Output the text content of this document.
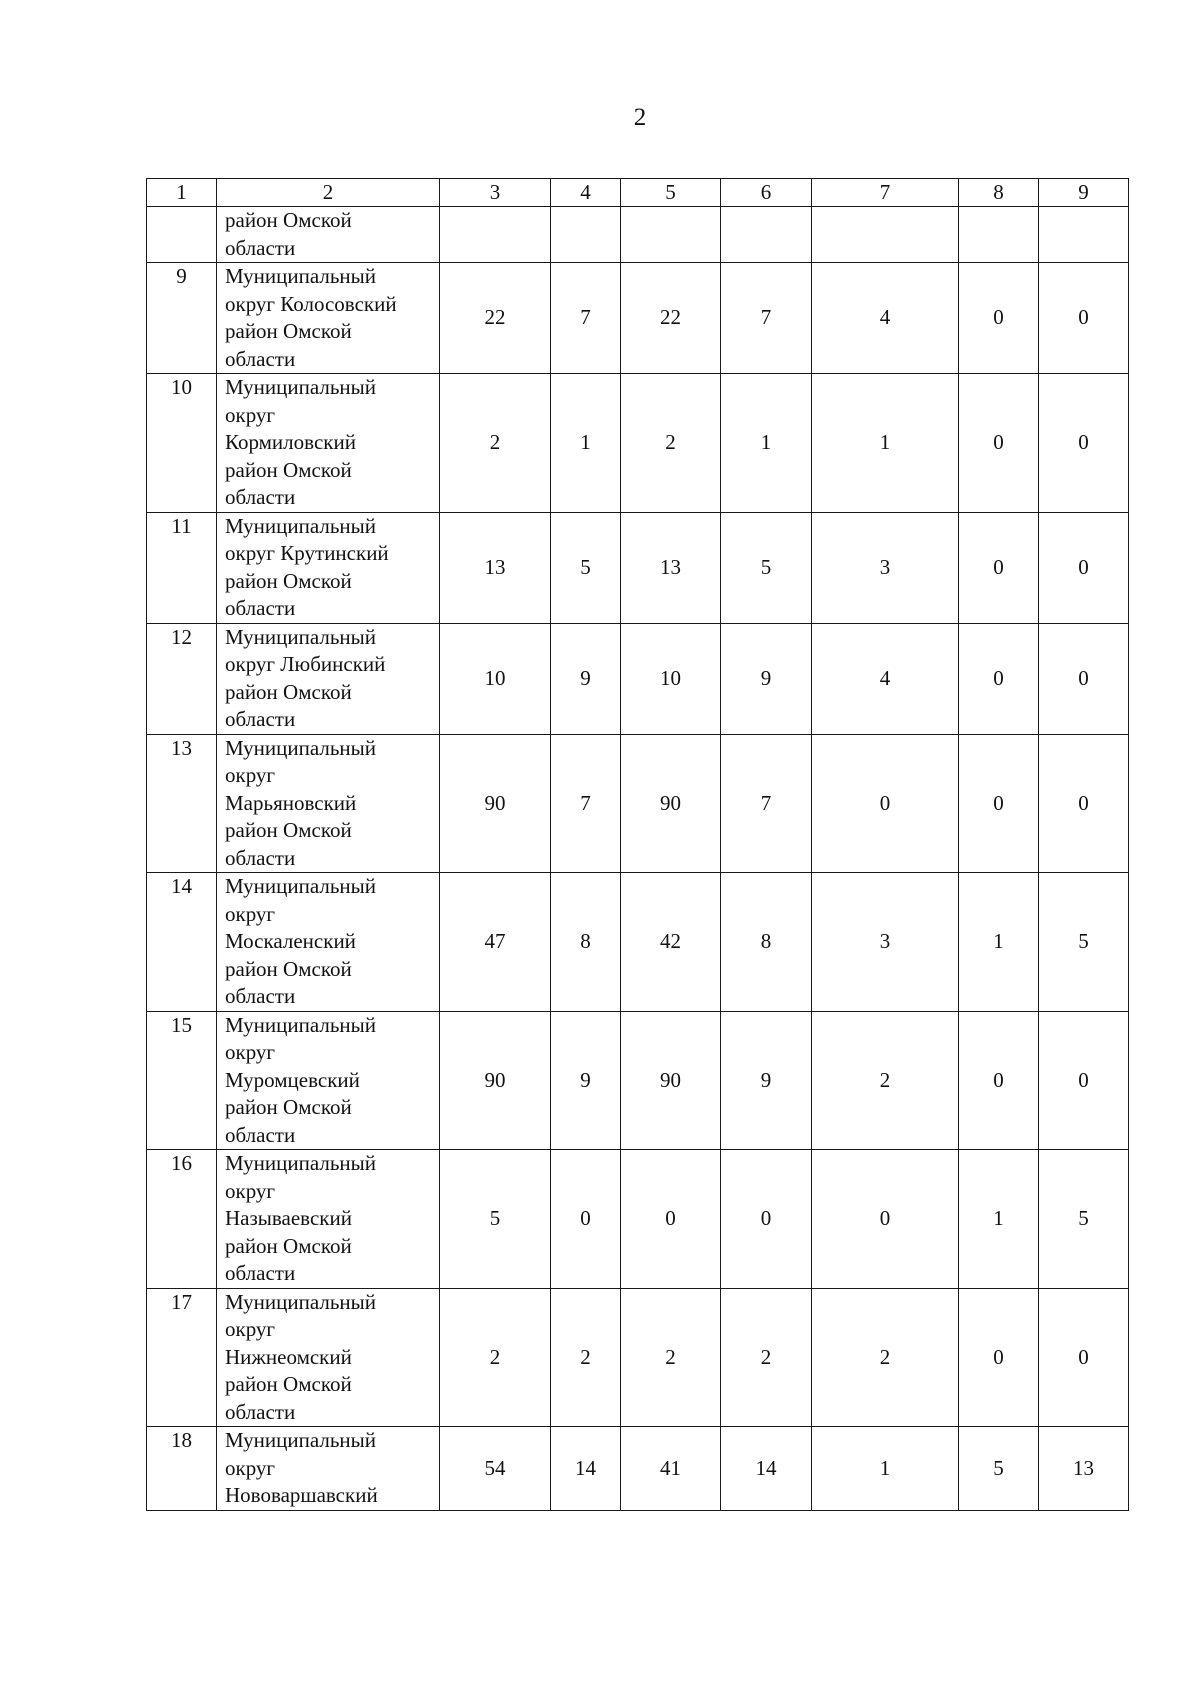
2
1	2	3	4	5	6	7	8	9

	район Омской
области							

9	Муниципальный
округ Колосовский
район Омской
области	22	7	22	7	4	0	0
10	Муниципальный
округ
Кормиловский
район Омской
области	2	1	2	1	1	0	0
11	Муниципальный
округ Крутинский
район Омской
области	13	5	13	5	3	0	0
12	Муниципальный
округ Любинский
район Омской
области	10	9	10	9	4	0	0
13	Муниципальный
округ
Марьяновский
район Омской
области	90	7	90	7	0	0	0
14	Муниципальный
округ
Москаленский
район Омской
области	47	8	42	8	3	1	5
15	Муниципальный
округ
Муромцевский
район Омской
области	90	9	90	9	2	0	0
16	Муниципальный
округ
Называевский
район Омской
области	5	0	0	0	0	1	5
17	Муниципальный
округ
Нижнеомский
район Омской
области	2	2	2	2	2	0	0
18	Муниципальный
округ
Нововаршавский	54	14	41	14	1	5	13
